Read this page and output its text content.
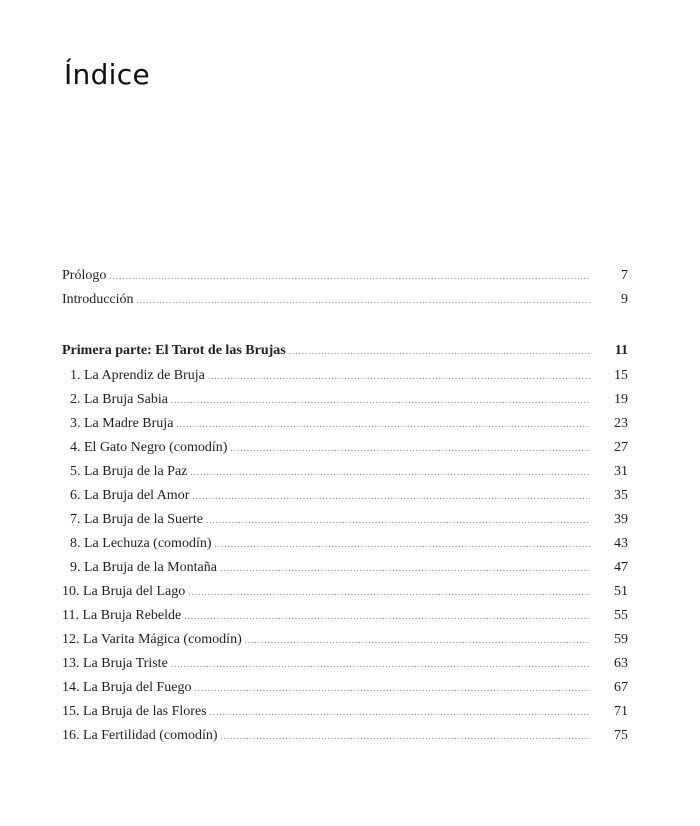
Índice
Prólogo .....	7
Introducción .....	9
Primera parte: El Tarot de las Brujas .....	11
1. La Aprendiz de Bruja .....	15
2. La Bruja Sabia .....	19
3. La Madre Bruja .....	23
4. El Gato Negro (comodín) .....	27
5. La Bruja de la Paz .....	31
6. La Bruja del Amor .....	35
7. La Bruja de la Suerte .....	39
8. La Lechuza (comodín) .....	43
9. La Bruja de la Montaña .....	47
10. La Bruja del Lago .....	51
11. La Bruja Rebelde .....	55
12. La Varita Mágica (comodín) .....	59
13. La Bruja Triste .....	63
14. La Bruja del Fuego .....	67
15. La Bruja de las Flores .....	71
16. La Fertilidad (comodín) .....	75
